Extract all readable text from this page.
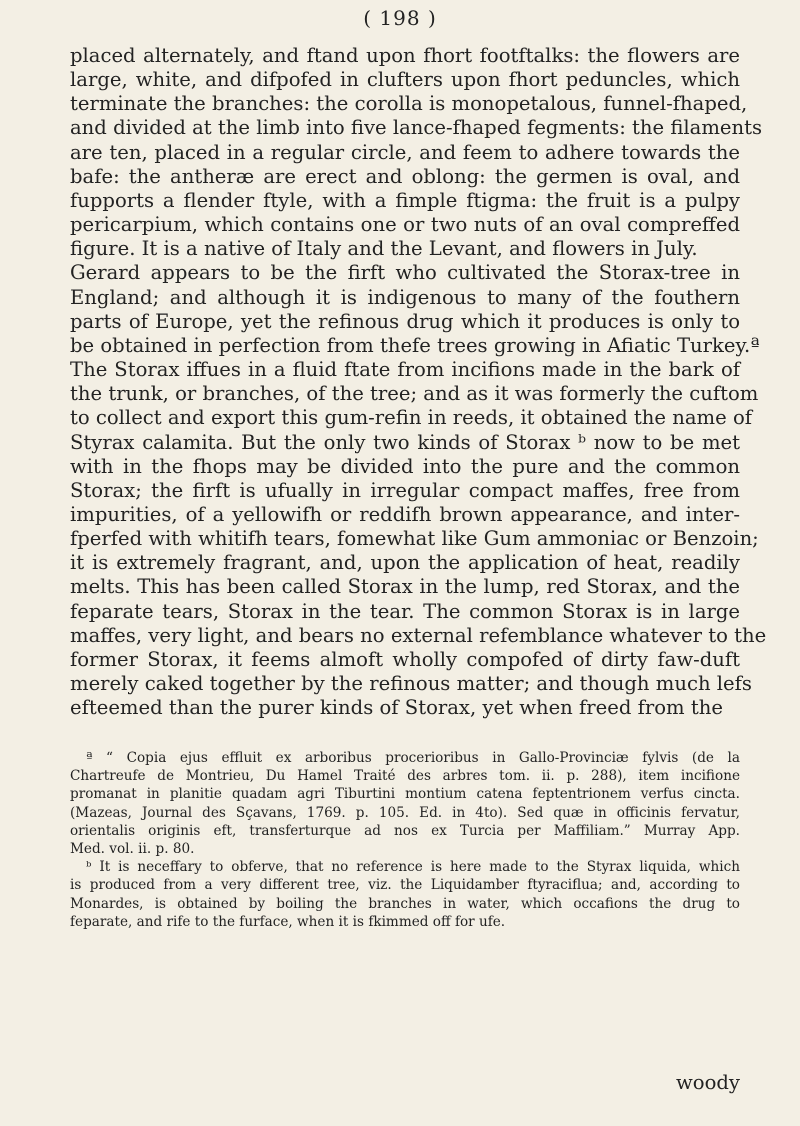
( 198 )
placed alternately, and ftand upon fhort footftalks: the flowers are
large, white, and difpofed in clufters upon fhort peduncles, which
terminate the branches: the corolla is monopetalous, funnel-fhaped,
and divided at the limb into five lance-fhaped fegments: the filaments
are ten, placed in a regular circle, and feem to adhere towards the
bafe: the antheræ are erect and oblong: the germen is oval, and
fupports a flender ftyle, with a fimple ftigma: the fruit is a pulpy
pericarpium, which contains one or two nuts of an oval compreffed
figure. It is a native of Italy and the Levant, and flowers in July.
Gerard appears to be the firft who cultivated the Storax-tree in
England; and although it is indigenous to many of the fouthern
parts of Europe, yet the refinous drug which it produces is only to
be obtained in perfection from thefe trees growing in Afiatic Turkey.ª
The Storax iffues in a fluid ftate from incifions made in the bark of
the trunk, or branches, of the tree; and as it was formerly the cuftom
to collect and export this gum-refin in reeds, it obtained the name of
Styrax calamita. But the only two kinds of Storax ᵇ now to be met
with in the fhops may be divided into the pure and the common
Storax; the firft is ufually in irregular compact maffes, free from
impurities, of a yellowifh or reddifh brown appearance, and inter-
fperfed with whitifh tears, fomewhat like Gum ammoniac or Benzoin;
it is extremely fragrant, and, upon the application of heat, readily
melts. This has been called Storax in the lump, red Storax, and the
feparate tears, Storax in the tear. The common Storax is in large
maffes, very light, and bears no external refemblance whatever to the
former Storax, it feems almoft wholly compofed of dirty faw-duft
merely caked together by the refinous matter; and though much lefs
efteemed than the purer kinds of Storax, yet when freed from the
ª “ Copia ejus effluit ex arboribus procerioribus in Gallo-Provinciæ fylvis (de la
Chartreufe de Montrieu, Du Hamel Traité des arbres tom. ii. p. 288), item incifione
promanat in planitie quadam agri Tiburtini montium catena feptentrionem verfus cincta.
(Mazeas, Journal des Sçavans, 1769. p. 105. Ed. in 4to). Sed quæ in officinis fervatur,
orientalis originis eft, transferturque ad nos ex Turcia per Maffiliam.” Murray App.
Med. vol. ii. p. 80.
ᵇ It is neceffary to obferve, that no reference is here made to the Styrax liquida, which
is produced from a very different tree, viz. the Liquidamber ftyraciflua; and, according to
Monardes, is obtained by boiling the branches in water, which occafions the drug to
feparate, and rife to the furface, when it is fkimmed off for ufe.
woody
